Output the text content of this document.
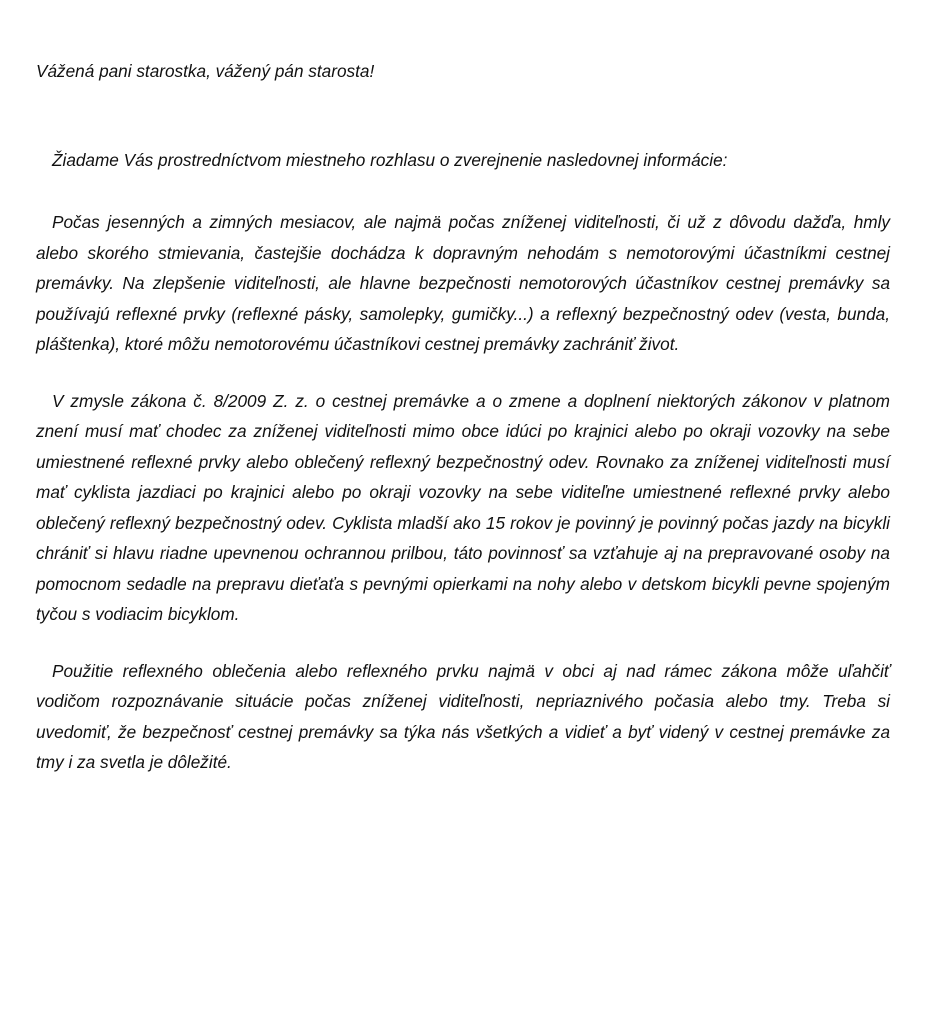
Vážená pani starostka, vážený pán starosta!

Žiadame Vás prostredníctvom miestneho rozhlasu o zverejnenie nasledovnej informácie:

Počas jesenných a zimných mesiacov, ale najmä počas zníženej viditeľnosti, či už z dôvodu dažďa, hmly alebo skorého stmievania, častejšie dochádza k dopravným nehodám s nemotorovými účastníkmi cestnej premávky. Na zlepšenie viditeľnosti, ale hlavne bezpečnosti nemotorových účastníkov cestnej premávky sa používajú reflexné prvky (reflexné pásky, samolepky, gumičky...) a reflexný bezpečnostný odev (vesta, bunda, pláštenka), ktoré môžu nemotorovému účastníkovi cestnej premávky zachrániť život.

V zmysle zákona č. 8/2009 Z. z. o cestnej premávke a o zmene a doplnení niektorých zákonov v platnom znení musí mať chodec za zníženej viditeľnosti mimo obce idúci po krajnici alebo po okraji vozovky na sebe umiestnené reflexné prvky alebo oblečený reflexný bezpečnostný odev. Rovnako za zníženej viditeľnosti musí mať cyklista jazdiaci po krajnici alebo po okraji vozovky na sebe viditeľne umiestnené reflexné prvky alebo oblečený reflexný bezpečnostný odev. Cyklista mladší ako 15 rokov je povinný je povinný počas jazdy na bicykli chrániť si hlavu riadne upevnenou ochrannou prilbou, táto povinnosť sa vzťahuje aj na prepravované osoby na pomocnom sedadle na prepravu dieťaťa s pevnými opierkami na nohy alebo v detskom bicykli pevne spojeným tyčou s vodiacim bicyklom.

Použitie reflexného oblečenia alebo reflexného prvku najmä v obci aj nad rámec zákona môže uľahčiť vodičom rozpoznávanie situácie počas zníženej viditeľnosti, nepriaznivého počasia alebo tmy. Treba si uvedomiť, že bezpečnosť cestnej premávky sa týka nás všetkých a vidieť a byť videný v cestnej premávke za tmy i za svetla je dôležité.
